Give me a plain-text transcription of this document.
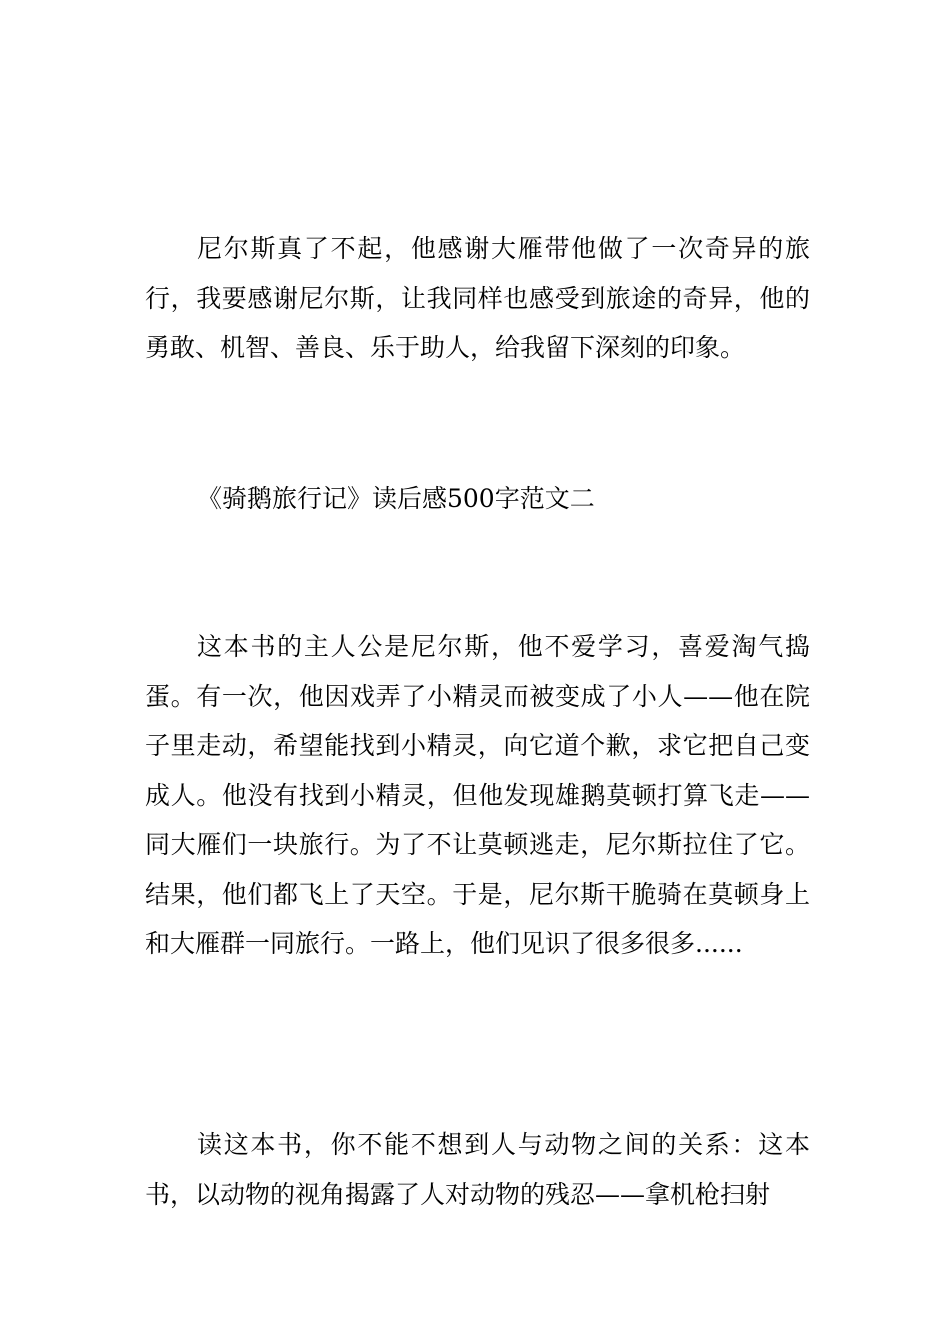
尼尔斯真了不起，他感谢大雁带他做了一次奇异的旅行，我要感谢尼尔斯，让我同样也感受到旅途的奇异，他的勇敢、机智、善良、乐于助人，给我留下深刻的印象。

《骑鹅旅行记》读后感500字范文二

这本书的主人公是尼尔斯，他不爱学习，喜爱淘气捣蛋。有一次，他因戏弄了小精灵而被变成了小人——他在院子里走动，希望能找到小精灵，向它道个歉，求它把自己变成人。他没有找到小精灵，但他发现雄鹅莫顿打算飞走——同大雁们一块旅行。为了不让莫顿逃走，尼尔斯拉住了它。结果，他们都飞上了天空。于是，尼尔斯干脆骑在莫顿身上和大雁群一同旅行。一路上，他们见识了很多很多......

读这本书，你不能不想到人与动物之间的关系：这本书，以动物的视角揭露了人对动物的残忍——拿机枪扫射
